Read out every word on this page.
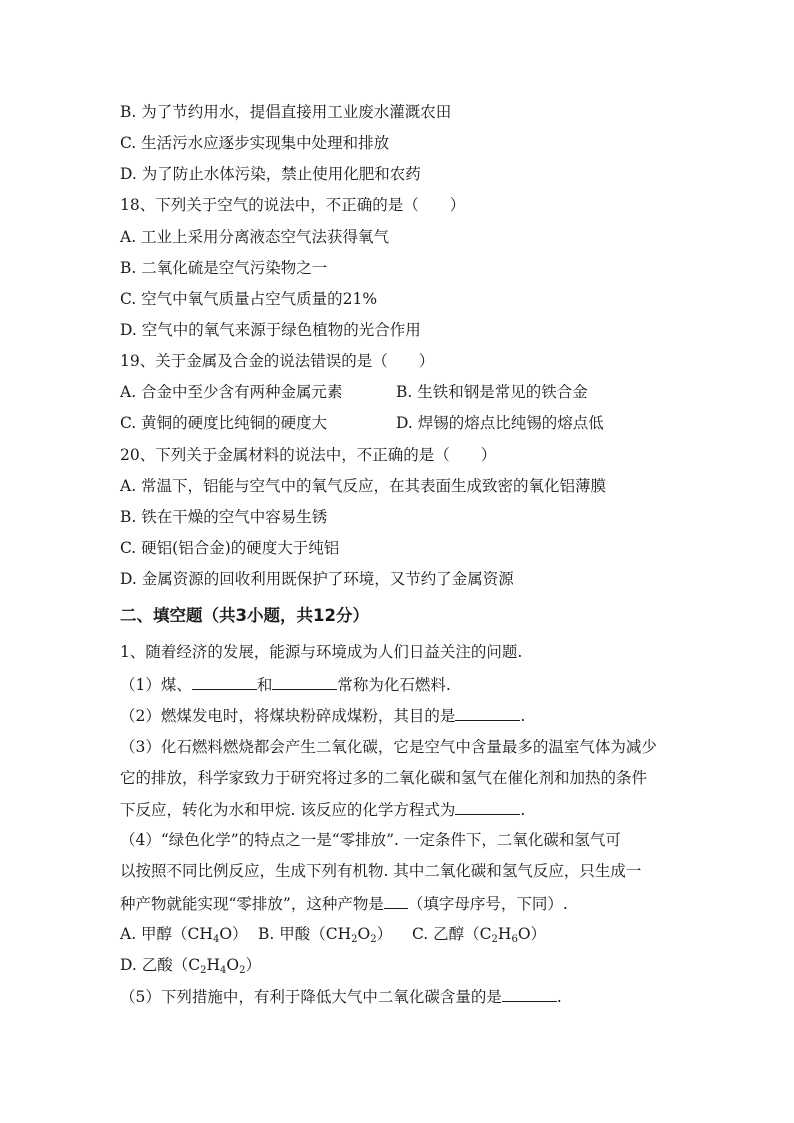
B. 为了节约用水，提倡直接用工业废水灌溉农田
C. 生活污水应逐步实现集中处理和排放
D. 为了防止水体污染，禁止使用化肥和农药
18、下列关于空气的说法中，不正确的是（　　）
A. 工业上采用分离液态空气法获得氧气
B. 二氧化硫是空气污染物之一
C. 空气中氧气质量占空气质量的21%
D. 空气中的氧气来源于绿色植物的光合作用
19、关于金属及合金的说法错误的是（　　）
A. 合金中至少含有两种金属元素	B. 生铁和钢是常见的铁合金
C. 黄铜的硬度比纯铜的硬度大	D. 焊锡的熔点比纯锡的熔点低
20、下列关于金属材料的说法中，不正确的是（　　）
A. 常温下，铝能与空气中的氧气反应，在其表面生成致密的氧化铝薄膜
B. 铁在干燥的空气中容易生锈
C. 硬铝(铝合金)的硬度大于纯铝
D. 金属资源的回收利用既保护了环境，又节约了金属资源
二、填空题（共3小题，共12分）
1、随着经济的发展，能源与环境成为人们日益关注的问题.
（1）煤、	和	常称为化石燃料.
（2）燃煤发电时，将煤块粉碎成煤粉，其目的是	.
（3）化石燃料燃烧都会产生二氧化碳，它是空气中含量最多的温室气体为减少
它的排放，科学家致力于研究将过多的二氧化碳和氢气在催化剂和加热的条件
下反应，转化为水和甲烷. 该反应的化学方程式为	.
（4）“绿色化学”的特点之一是“零排放”. 一定条件下，二氧化碳和氢气可
以按照不同比例反应，生成下列有机物. 其中二氧化碳和氢气反应，只生成一
种产物就能实现“零排放”，这种产物是 （填字母序号，下同）.
A. 甲醇$(CH_4O)$ B. 甲酸$(CH_2O_2)$ C. 乙醇$(C_2H_6O)$
D. 乙酸$(C_2H_4O_2)$
（5）下列措施中，有利于降低大气中二氧化碳含量的是	.
